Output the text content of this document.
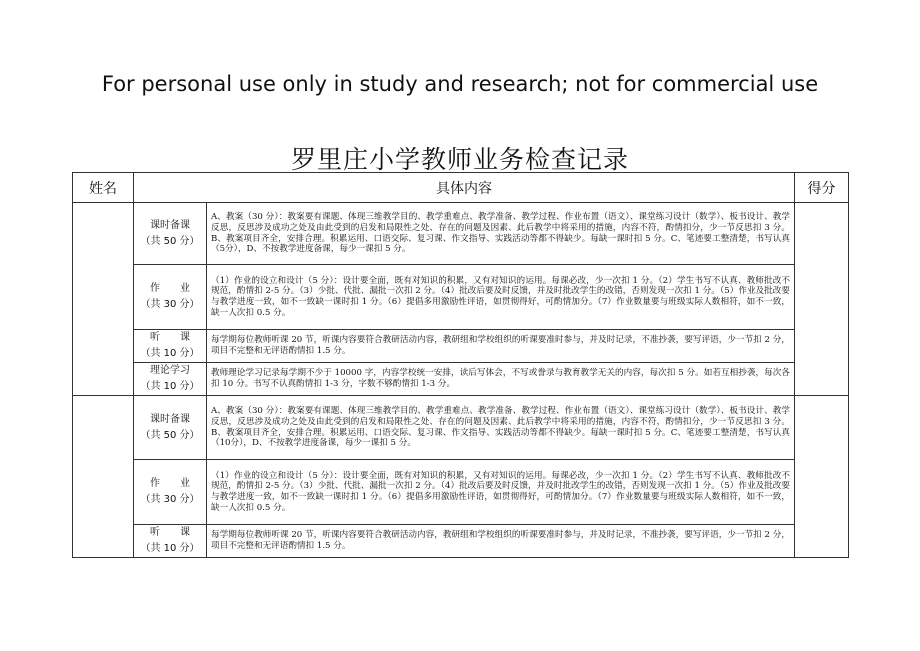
For personal use only in study and research; not for commercial use
罗里庄小学教师业务检查记录
姓名	具体内容		得分

	课时备课
（共 50 分）	A、教案（30 分）：教案要有课题、体现三维教学目的、教学重难点、教学准备、教学过程、作业布置（语文）、课堂练习设计（数学）、板书设计、教学反思，反思涉及成功之处及由此受到的启发和局限性之处、存在的问题及因素、此后教学中将采用的措施，内容不符，酌情扣分，少一节反思扣 3 分。B、教案项目齐全，安排合理。积累运用、口语交际、复习课、作文指导、实践活动等都不得缺少。每缺一课时扣 5 分。C、笔迹要工整清楚，书写认真（5分），D、不按教学进度备课，每少一课扣 5 分。	

	作　　业
（共 30 分）	（1）作业的设立和设计（5 分）：设计要全面，既有对知识的积累，又有对知识的运用。每课必改，少一次扣 1 分。（2）学生书写不认真、教师批改不规范，酌情扣 2-5 分。（3）少批、代批、漏批一次扣 2 分。（4）批改后要及时反馈，并及时批改学生的改错，否则发现一次扣 1 分。（5）作业及批改要与教学进度一致，如不一致缺一课时扣 1 分。（6）提倡多用激励性评语，如贯彻得好，可酌情加分。（7）作业数量要与班级实际人数相符，如不一致，缺一人次扣 0.5 分。	

	听　　课
（共 10 分）	每学期每位教师听课 20 节，听课内容要符合教研活动内容，教研组和学校组织的听课要准时参与，并及时记录，不准抄袭，要写评语，少一节扣 2 分，项目不完整和无评语酌情扣 1.5 分。	

	理论学习
（共 10 分）	教师理论学习记录每学期不少于 10000 字，内容学校统一安排，读后写体会，不写或誊录与教育教学无关的内容，每次扣 5 分。如若互相抄袭，每次各扣 10 分。书写不认真酌情扣 1-3 分，字数不够酌情扣 1-3 分。	

	课时备课
（共 50 分）	A、教案（30 分）：教案要有课题、体现三维教学目的、教学重难点、教学准备、教学过程、作业布置（语文）、课堂练习设计（数学）、板书设计、教学反思，反思涉及成功之处及由此受到的启发和局限性之处、存在的问题及因素、此后教学中将采用的措施，内容不符，酌情扣分，少一节反思扣 3 分。B、教案项目齐全，安排合理。积累运用、口语交际、复习课、作文指导、实践活动等都不得缺少。每缺一课时扣 5 分。C、笔迹要工整清楚，书写认真（10分），D、不按教学进度备课，每少一课扣 5 分。	

	作　　业
（共 30 分）	（1）作业的设立和设计（5 分）：设计要全面，既有对知识的积累，又有对知识的运用。每课必改，少一次扣 1 分。（2）学生书写不认真、教师批改不规范，酌情扣 2-5 分。（3）少批、代批、漏批一次扣 2 分。（4）批改后要及时反馈，并及时批改学生的改错，否则发现一次扣 1 分。（5）作业及批改要与教学进度一致，如不一致缺一课时扣 1 分。（6）提倡多用激励性评语，如贯彻得好，可酌情加分。（7）作业数量要与班级实际人数相符，如不一致，缺一人次扣 0.5 分。	

	听　　课
（共 10 分）	每学期每位教师听课 20 节，听课内容要符合教研活动内容，教研组和学校组织的听课要准时参与，并及时记录，不准抄袭，要写评语，少一节扣 2 分，项目不完整和无评语酌情扣 1.5 分。	
